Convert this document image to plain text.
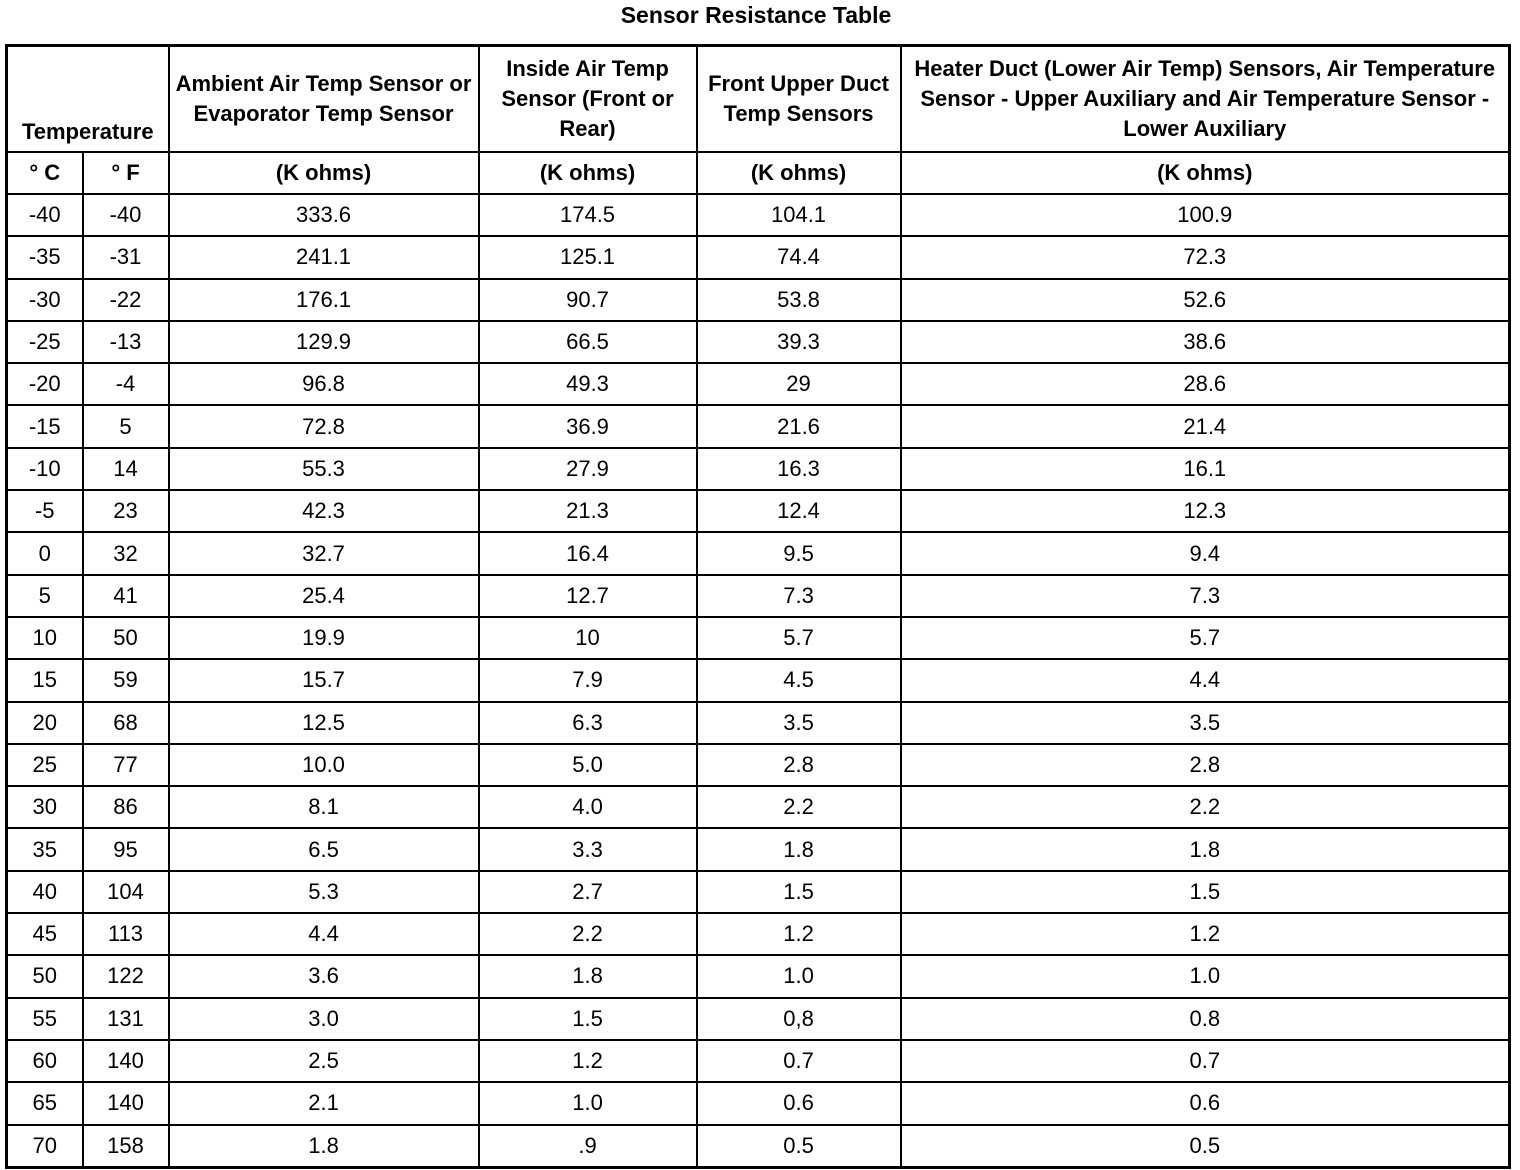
Sensor Resistance Table
Temperature		Ambient Air Temp Sensor or Evaporator Temp Sensor	Inside Air Temp Sensor (Front or Rear)	Front Upper Duct Temp Sensors	Heater Duct (Lower Air Temp) Sensors, Air Temperature Sensor - Upper Auxiliary and Air Temperature Sensor - Lower Auxiliary
° C	° F	(K ohms)	(K ohms)	(K ohms)	(K ohms)
-40	-40	333.6	174.5	104.1	100.9
-35	-31	241.1	125.1	74.4	72.3
-30	-22	176.1	90.7	53.8	52.6
-25	-13	129.9	66.5	39.3	38.6
-20	-4	96.8	49.3	29	28.6
-15	5	72.8	36.9	21.6	21.4
-10	14	55.3	27.9	16.3	16.1
-5	23	42.3	21.3	12.4	12.3
0	32	32.7	16.4	9.5	9.4
5	41	25.4	12.7	7.3	7.3
10	50	19.9	10	5.7	5.7
15	59	15.7	7.9	4.5	4.4
20	68	12.5	6.3	3.5	3.5
25	77	10.0	5.0	2.8	2.8
30	86	8.1	4.0	2.2	2.2
35	95	6.5	3.3	1.8	1.8
40	104	5.3	2.7	1.5	1.5
45	113	4.4	2.2	1.2	1.2
50	122	3.6	1.8	1.0	1.0
55	131	3.0	1.5	0,8	0.8
60	140	2.5	1.2	0.7	0.7
65	140	2.1	1.0	0.6	0.6
70	158	1.8	.9	0.5	0.5
